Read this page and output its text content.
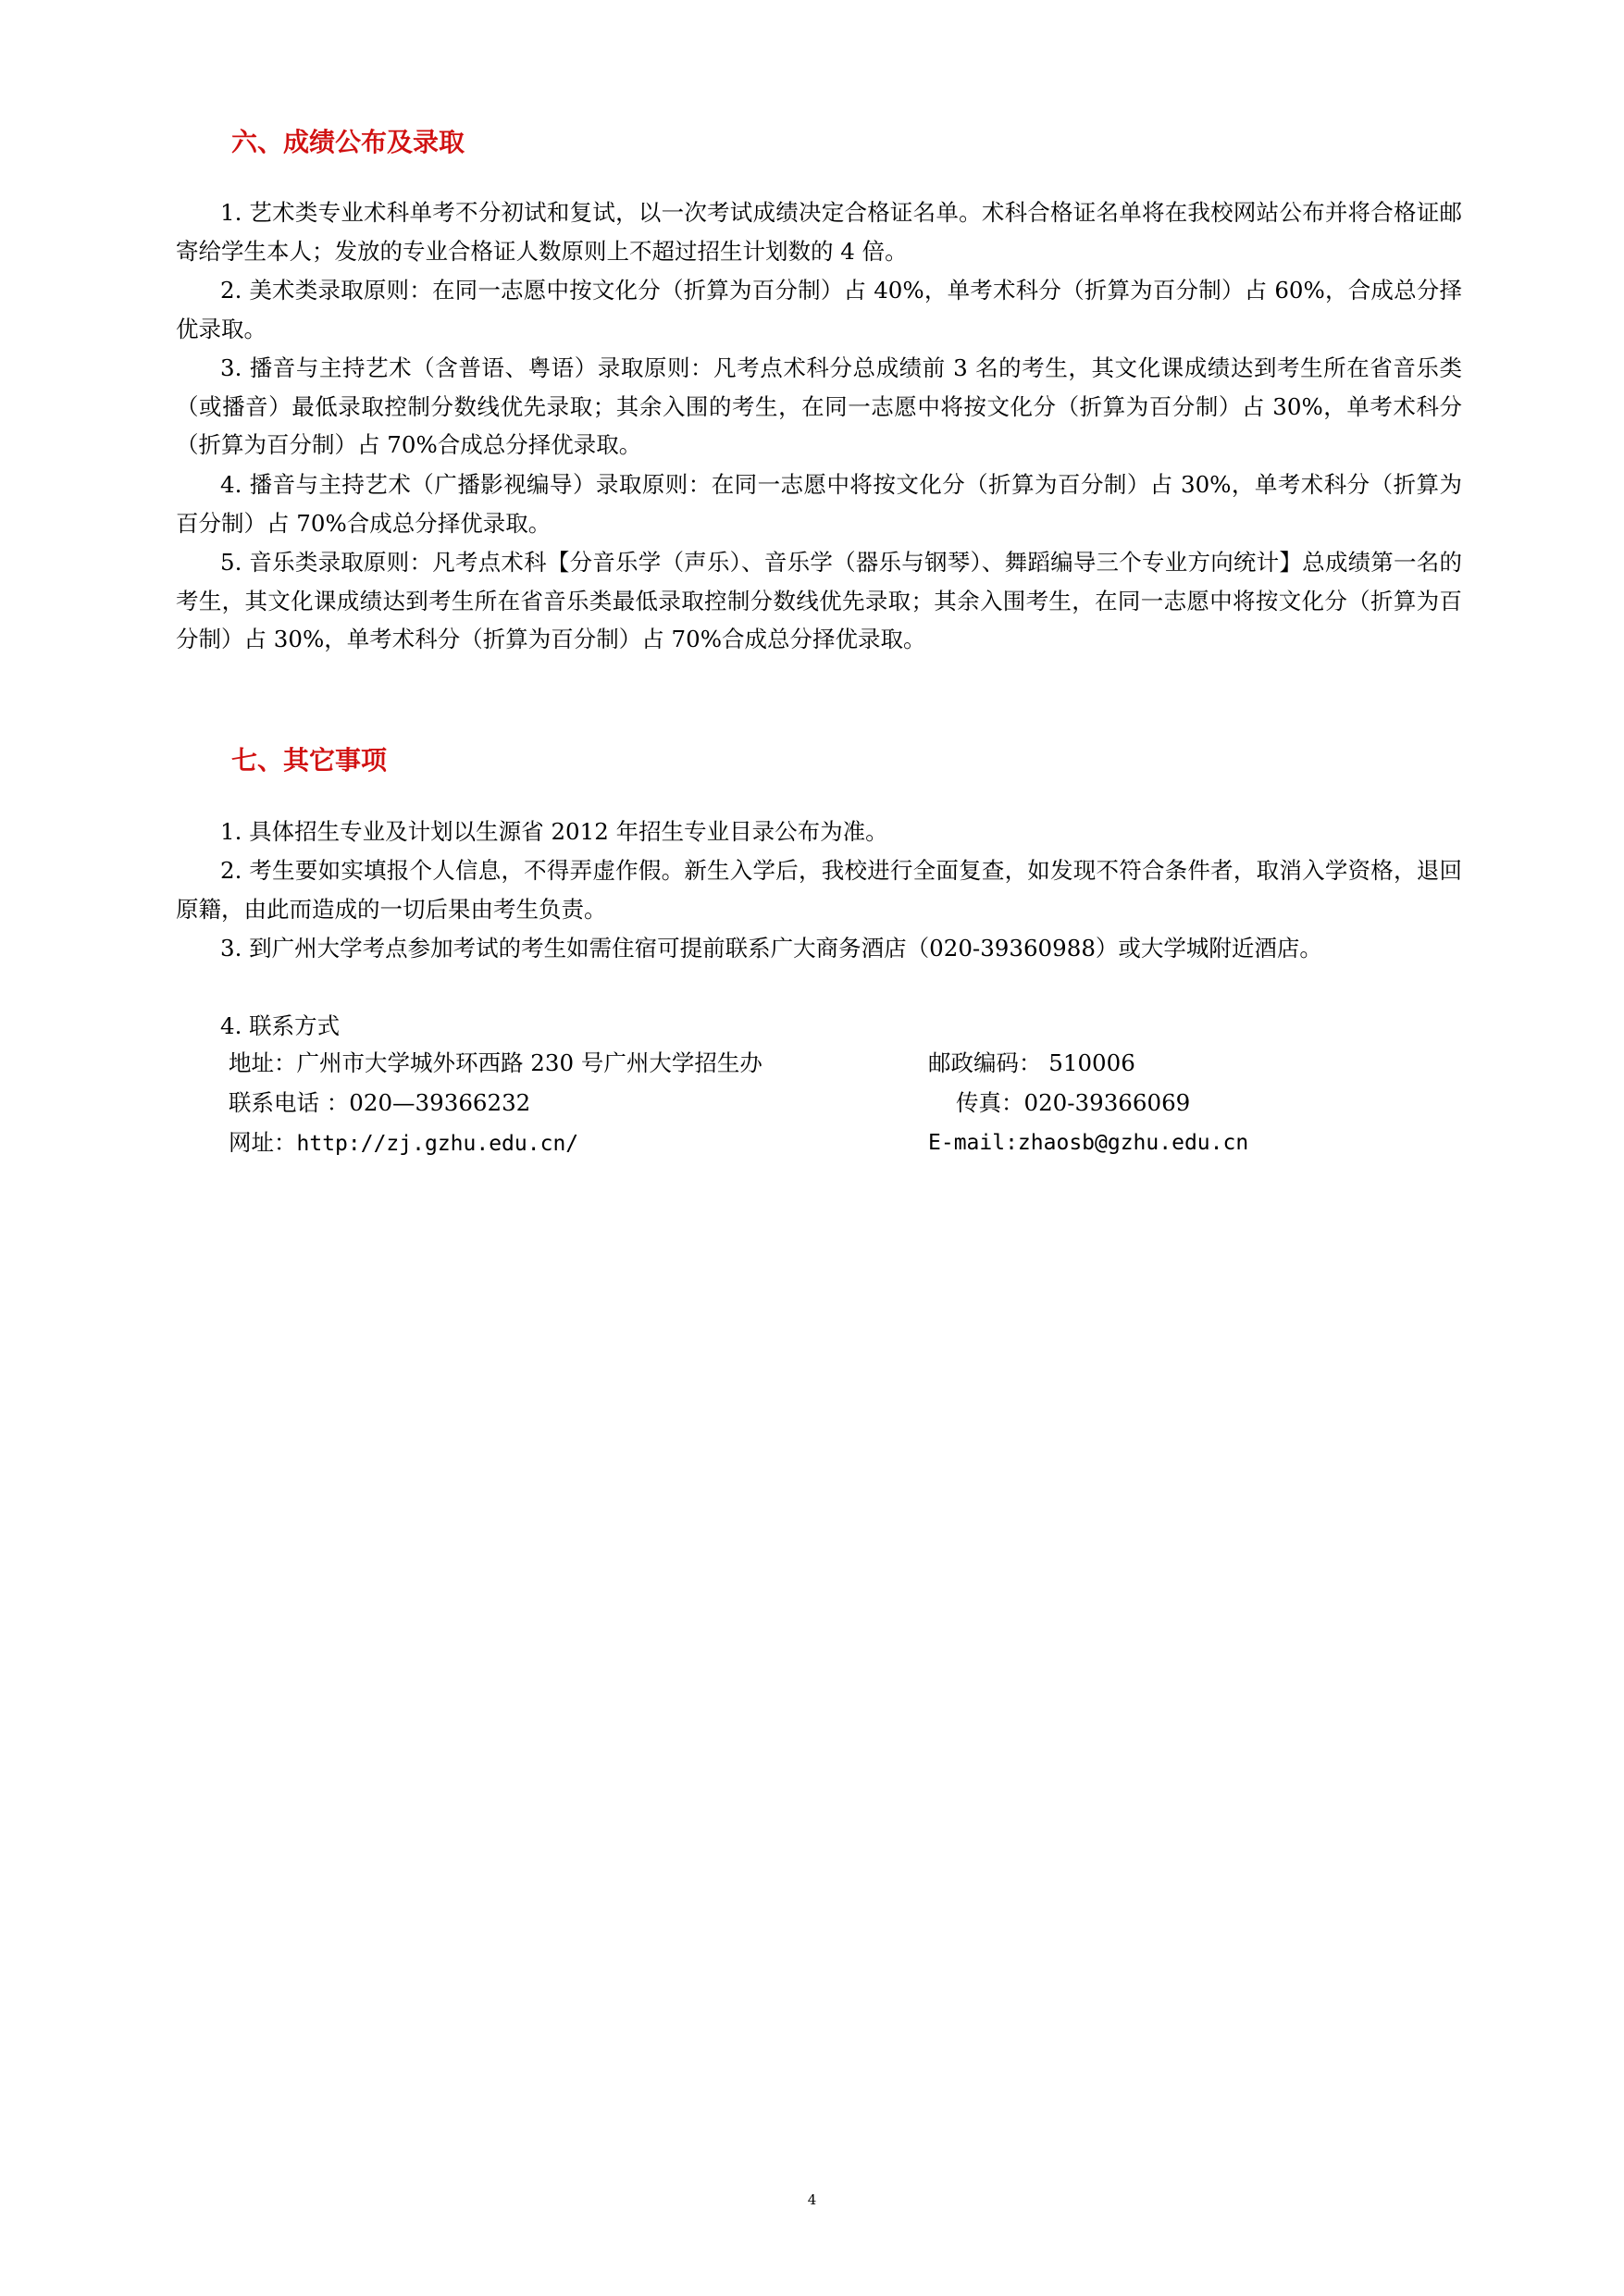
六、成绩公布及录取

1. 艺术类专业术科单考不分初试和复试，以一次考试成绩决定合格证名单。术科合格证名单将在我校网站公布并将合格证邮寄给学生本人；发放的专业合格证人数原则上不超过招生计划数的 4 倍。

2. 美术类录取原则：在同一志愿中按文化分（折算为百分制）占 40%，单考术科分（折算为百分制）占 60%，合成总分择优录取。

3. 播音与主持艺术（含普语、粤语）录取原则：凡考点术科分总成绩前 3 名的考生，其文化课成绩达到考生所在省音乐类（或播音）最低录取控制分数线优先录取；其余入围的考生，在同一志愿中将按文化分（折算为百分制）占 30%，单考术科分（折算为百分制）占 70%合成总分择优录取。

4. 播音与主持艺术（广播影视编导）录取原则：在同一志愿中将按文化分（折算为百分制）占 30%，单考术科分（折算为百分制）占 70%合成总分择优录取。

5. 音乐类录取原则：凡考点术科【分音乐学（声乐）、音乐学（器乐与钢琴）、舞蹈编导三个专业方向统计】总成绩第一名的考生，其文化课成绩达到考生所在省音乐类最低录取控制分数线优先录取；其余入围考生，在同一志愿中将按文化分（折算为百分制）占 30%，单考术科分（折算为百分制）占 70%合成总分择优录取。

七、其它事项

1. 具体招生专业及计划以生源省 2012 年招生专业目录公布为准。

2. 考生要如实填报个人信息，不得弄虚作假。新生入学后，我校进行全面复查，如发现不符合条件者，取消入学资格，退回原籍，由此而造成的一切后果由考生负责。

3. 到广州大学考点参加考试的考生如需住宿可提前联系广大商务酒店（020-39360988）或大学城附近酒店。

4. 联系方式

地址：广州市大学城外环西路 230 号广州大学招生办	邮政编码： 510006
联系电话 ：020—39366232	传真：020-39366069
网址：http://zj.gzhu.edu.cn/	E-mail:zhaosb@gzhu.edu.cn
4
